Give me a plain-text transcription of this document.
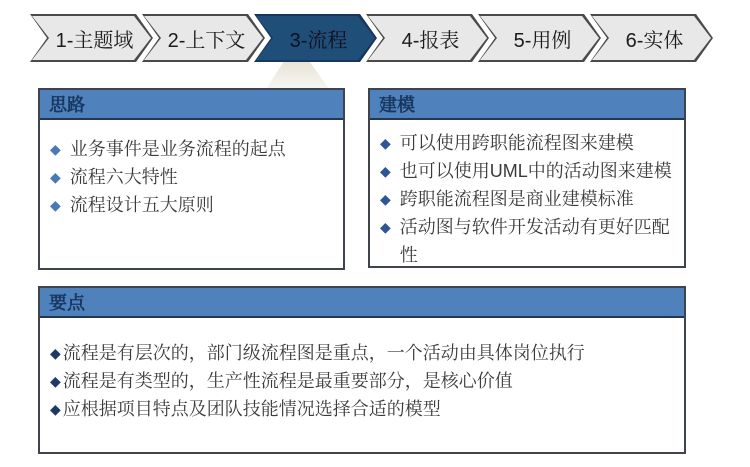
1-主题域	2-上下文	3-流程	4-报表	5-用例	6-实体
思路
◆ 业务事件是业务流程的起点
◆ 流程六大特性
◆ 流程设计五大原则
建模
◆ 可以使用跨职能流程图来建模
◆ 也可以使用UML中的活动图来建模
◆ 跨职能流程图是商业建模标准
◆ 活动图与软件开发活动有更好匹配性
要点
◆ 流程是有层次的，部门级流程图是重点，一个活动由具体岗位执行
◆ 流程是有类型的，生产性流程是最重要部分，是核心价值
◆ 应根据项目特点及团队技能情况选择合适的模型
